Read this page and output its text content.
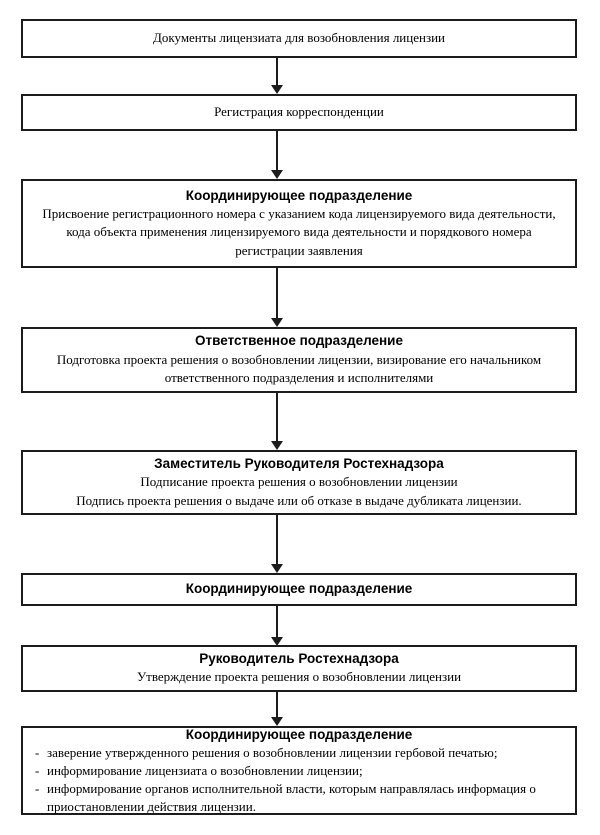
Документы лицензиата для возобновления лицензии
Регистрация корреспонденции
Координирующее подразделение
Присвоение регистрационного номера с указанием кода лицензируемого вида деятельности, кода объекта применения лицензируемого вида деятельности и порядкового номера регистрации заявления
Ответственное подразделение
Подготовка проекта решения о возобновлении лицензии, визирование его начальником ответственного подразделения и исполнителями
Заместитель Руководителя Ростехнадзора
Подписание проекта решения о возобновлении лицензии
Подпись проекта решения о выдаче или об отказе в выдаче дубликата лицензии.
Координирующее подразделение
Руководитель Ростехнадзора
Утверждение проекта решения о возобновлении лицензии
Координирующее подразделение
- заверение утвержденного решения о возобновлении лицензии гербовой печатью;
- информирование лицензиата о возобновлении лицензии;
- информирование органов исполнительной власти, которым направлялась информация о приостановлении действия лицензии.
